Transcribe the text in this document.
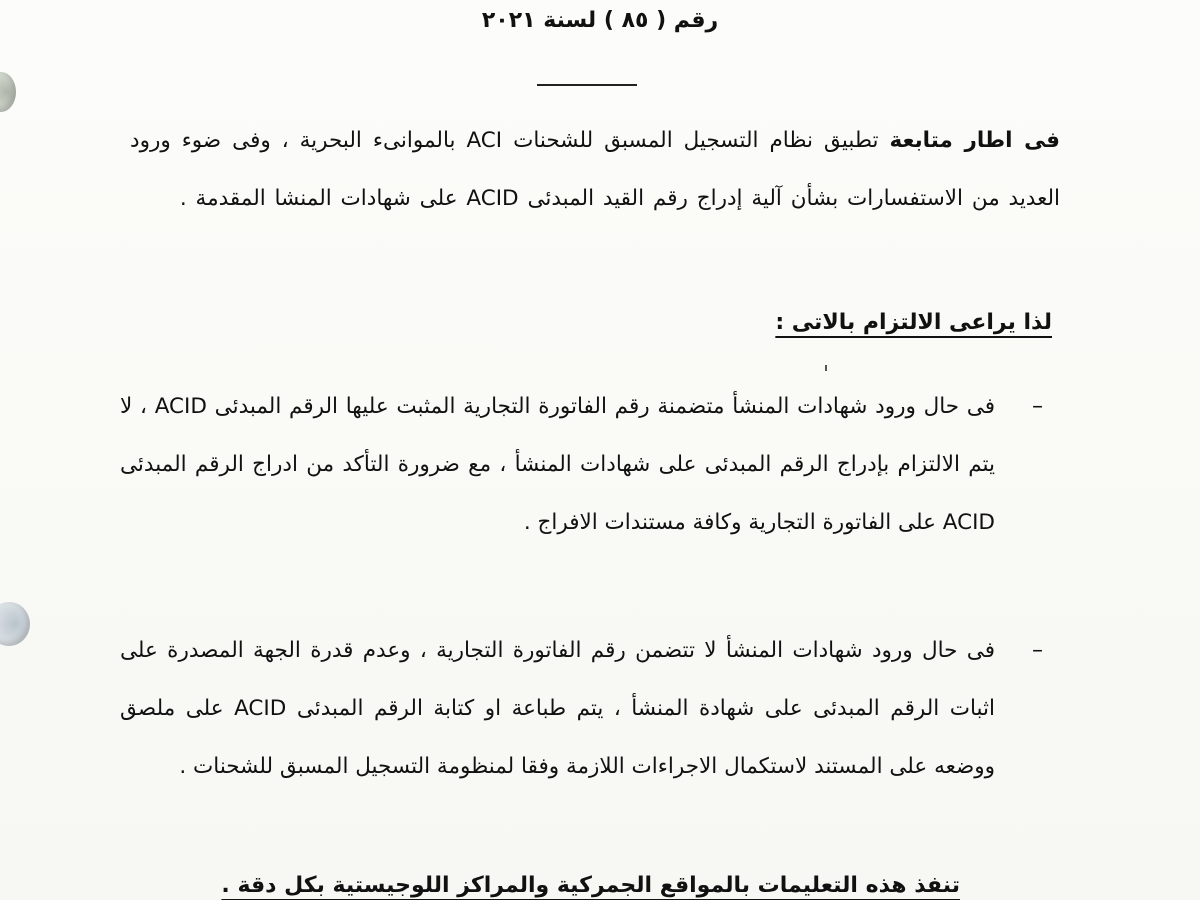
رقم ( ٨٥ ) لسنة ٢٠٢١
فى اطار متابعة تطبيق نظام التسجيل المسبق للشحنات ACI بالموانىء البحرية ، وفى ضوء ورود العديد من الاستفسارات بشأن آلية إدراج رقم القيد المبدئى ACID على شهادات المنشا المقدمة .
لذا يراعى الالتزام بالاتى :
–
فى حال ورود شهادات المنشأ متضمنة رقم الفاتورة التجارية المثبت عليها الرقم المبدئى ACID ، لا يتم الالتزام بإدراج الرقم المبدئى على شهادات المنشأ ، مع ضرورة التأكد من ادراج الرقم المبدئى ACID على الفاتورة التجارية وكافة مستندات الافراج .
–
فى حال ورود شهادات المنشأ لا تتضمن رقم الفاتورة التجارية ، وعدم قدرة الجهة المصدرة على اثبات الرقم المبدئى على شهادة المنشأ ، يتم طباعة او كتابة الرقم المبدئى ACID على ملصق ووضعه على المستند لاستكمال الاجراءات اللازمة وفقا لمنظومة التسجيل المسبق للشحنات .
تنفذ هذه التعليمات بالمواقع الجمركية والمراكز اللوجيستية بكل دقة .
